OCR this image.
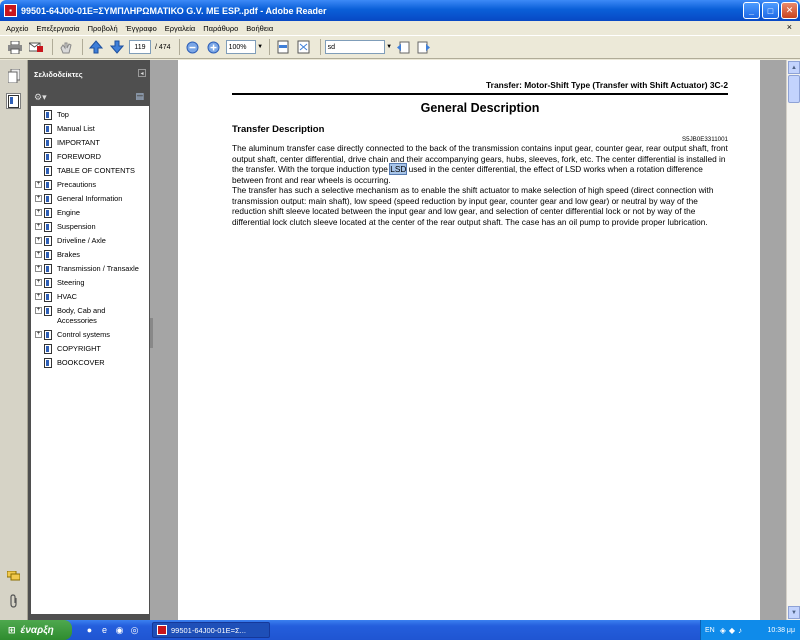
▪	99501-64J00-01E=ΣΥΜΠΛΗΡΩΜΑΤΙΚΟ G.V. ME ESP..pdf - Adobe Reader	_	□	✕
Αρχείο Επεξεργασία Προβολή Έγγραφο Εργαλεία Παράθυρο Βοήθεια	×
119	/ 474	100%	▼	sd	▼
Σελιδοδείκτες	◂
⚙▾	▤
Top
Manual List
IMPORTANT
FOREWORD
TABLE OF CONTENTS
+ Precautions
+ General Information
+ Engine
+ Suspension
+ Driveline / Axle
+ Brakes
+ Transmission / Transaxle
+ Steering
+ HVAC
+ Body, Cab and
Accessories
+ Control systems
COPYRIGHT
BOOKCOVER
Transfer: Motor-Shift Type (Transfer with Shift Actuator) 3C-2
General Description
Transfer Description
S5JB0E3311001

The aluminum transfer case directly connected to the back of the transmission contains input gear, counter gear, rear output shaft, front output shaft, center differential, drive chain and their accompanying gears, hubs, sleeves, fork, etc. The center differential is installed in the transfer. With the torque induction type LSD used in the center differential, the effect of LSD works when a rotation difference between front and rear wheels is occurring.

The transfer has such a selective mechanism as to enable the shift actuator to make selection of high speed (direct connection with transmission output: main shaft), low speed (speed reduction by input gear, counter gear and low gear) or neutral by way of the reduction shift sleeve located between the input gear and low gear, and selection of center differential lock or not by way of the differential lock clutch sleeve located at the center of the rear output shaft. The case has an oil pump to provide proper lubrication.

▲
▼
⊞ έναρξη	●	e ◉ ◎	99501-64J00-01E=Σ...	EN ◈ ◆ ♪	10:38 μμ
